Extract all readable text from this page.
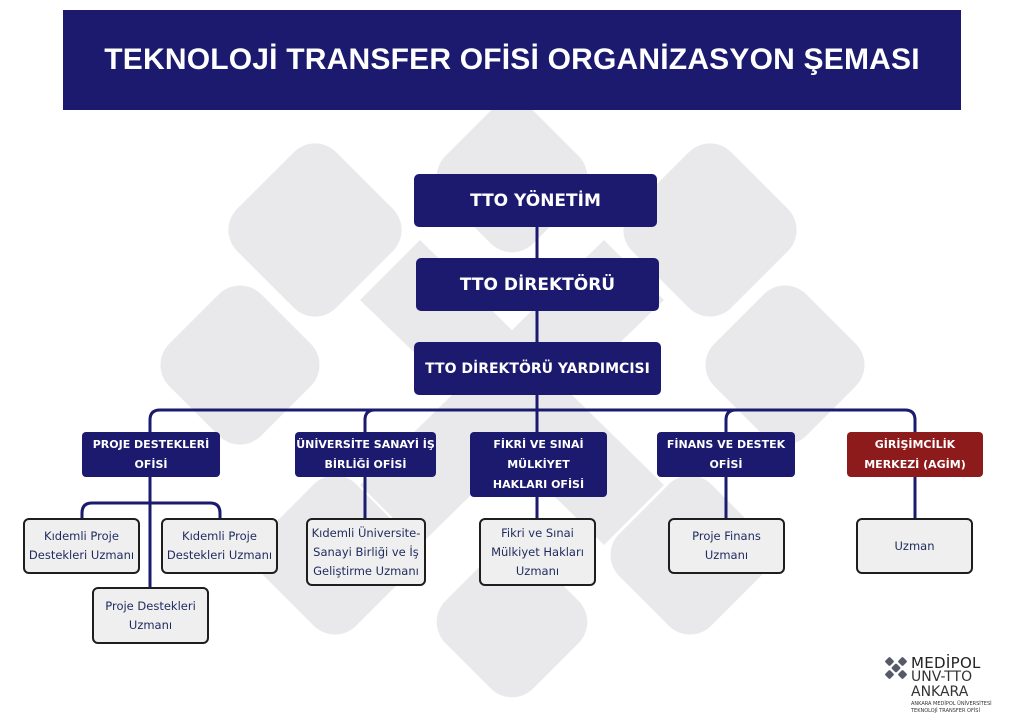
TEKNOLOJİ TRANSFER OFİSİ ORGANİZASYON ŞEMASI
TTO YÖNETİM
TTO DİREKTÖRÜ
TTO DİREKTÖRÜ YARDIMCISI
PROJE DESTEKLERİ
OFİSİ
ÜNİVERSİTE SANAYİ İŞ
BİRLİĞİ OFİSİ
FİKRİ VE SINAİ
MÜLKİYET
HAKLARI OFİSİ
FİNANS VE DESTEK
OFİSİ
GİRİŞİMCİLİK
MERKEZİ (AGİM)
Kıdemli Proje
Destekleri Uzmanı
Kıdemli Proje
Destekleri Uzmanı
Proje Destekleri
Uzmanı
Kıdemli Üniversite-
Sanayi Birliği ve İş
Geliştirme Uzmanı
Fikri ve Sınai
Mülkiyet Hakları
Uzmanı
Proje Finans
Uzmanı
Uzman
MEDİPOL
UNV-TTO
ANKARA
ANKARA MEDİPOL ÜNİVERSİTESİ
TEKNOLOJİ TRANSFER OFİSİ
